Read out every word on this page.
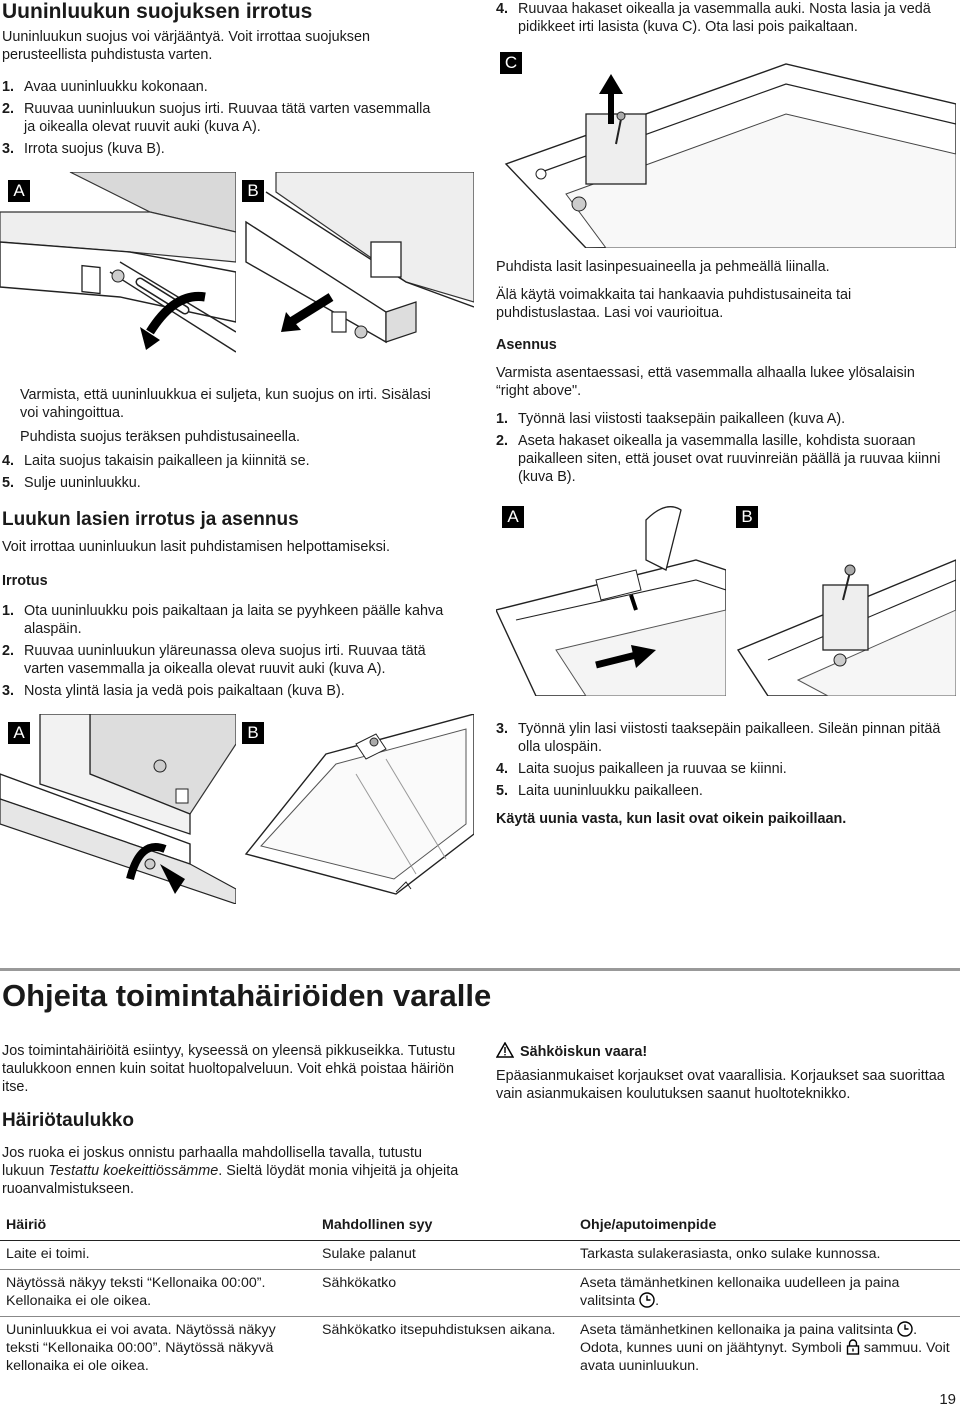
Uuninluukun suojuksen irrotus

Uuninluukun suojus voi värjääntyä. Voit irrottaa suojuksen perusteellista puhdistusta varten.

1. Avaa uuninluukku kokonaan.
2. Ruuvaa uuninluukun suojus irti. Ruuvaa tätä varten vasemmalla ja oikealla olevat ruuvit auki (kuva A).
3. Irrota suojus (kuva B).
A	B

Varmista, että uuninluukkua ei suljeta, kun suojus on irti. Sisälasi voi vahingoittua.

Puhdista suojus teräksen puhdistusaineella.

4. Laita suojus takaisin paikalleen ja kiinnitä se.
5. Sulje uuninluukku.
Luukun lasien irrotus ja asennus

Voit irrottaa uuninluukun lasit puhdistamisen helpottamiseksi.

Irrotus

1. Ota uuninluukku pois paikaltaan ja laita se pyyhkeen päälle kahva alaspäin.
2. Ruuvaa uuninluukun yläreunassa oleva suojus irti. Ruuvaa tätä varten vasemmalla ja oikealla olevat ruuvit auki (kuva A).
3. Nosta ylintä lasia ja vedä pois paikaltaan (kuva B).
A	B
4. Ruuvaa hakaset oikealla ja vasemmalla auki. Nosta lasia ja vedä pidikkeet irti lasista (kuva C). Ota lasi pois paikaltaan.
C

Puhdista lasit lasinpesuaineella ja pehmeällä liinalla.

Älä käytä voimakkaita tai hankaavia puhdistusaineita tai puhdistuslastaa. Lasi voi vaurioitua.

Asennus

Varmista asentaessasi, että vasemmalla alhaalla lukee ylösalaisin “right above".

1. Työnnä lasi viistosti taaksepäin paikalleen (kuva A).
2. Aseta hakaset oikealla ja vasemmalla lasille, kohdista suoraan paikalleen siten, että jouset ovat ruuvinreiän päällä ja ruuvaa kiinni (kuva B).
A	B
3. Työnnä ylin lasi viistosti taaksepäin paikalleen. Sileän pinnan pitää olla ulospäin.
4. Laita suojus paikalleen ja ruuvaa se kiinni.
5. Laita uuninluukku paikalleen.

Käytä uunia vasta, kun lasit ovat oikein paikoillaan.

Ohjeita toimintahäiriöiden varalle

Jos toimintahäiriöitä esiintyy, kyseessä on yleensä pikkuseikka. Tutustu taulukkoon ennen kuin soitat huoltopalveluun. Voit ehkä poistaa häiriön itse.

Häiriötaulukko

Jos ruoka ei joskus onnistu parhaalla mahdollisella tavalla, tutustu lukuun Testattu koekeittiössämme. Sieltä löydät monia vihjeitä ja ohjeita ruoanvalmistukseen.

Sähköiskun vaara!

Epäasianmukaiset korjaukset ovat vaarallisia. Korjaukset saa suorittaa vain asianmukaisen koulutuksen saanut huoltoteknikko.

Häiriö	Mahdollinen syy	Ohje/aputoimenpide
Laite ei toimi.	Sulake palanut	Tarkasta sulakerasiasta, onko sulake kunnossa.
Näytössä näkyy teksti “Kellonaika 00:00”. Kellonaika ei ole oikea.	Sähkökatko	Aseta tämänhetkinen kellonaika uudelleen ja paina valitsinta .
Uuninluukkua ei voi avata. Näytössä näkyy teksti “Kellonaika 00:00”. Näytössä näkyvä kellonaika ei ole oikea.	Sähkökatko itsepuhdistuksen aikana.	Aseta tämänhetkinen kellonaika ja paina valitsinta . Odota, kunnes uuni on jäähtynyt. Symboli  sammuu. Voit avata uuninluukun.
19
